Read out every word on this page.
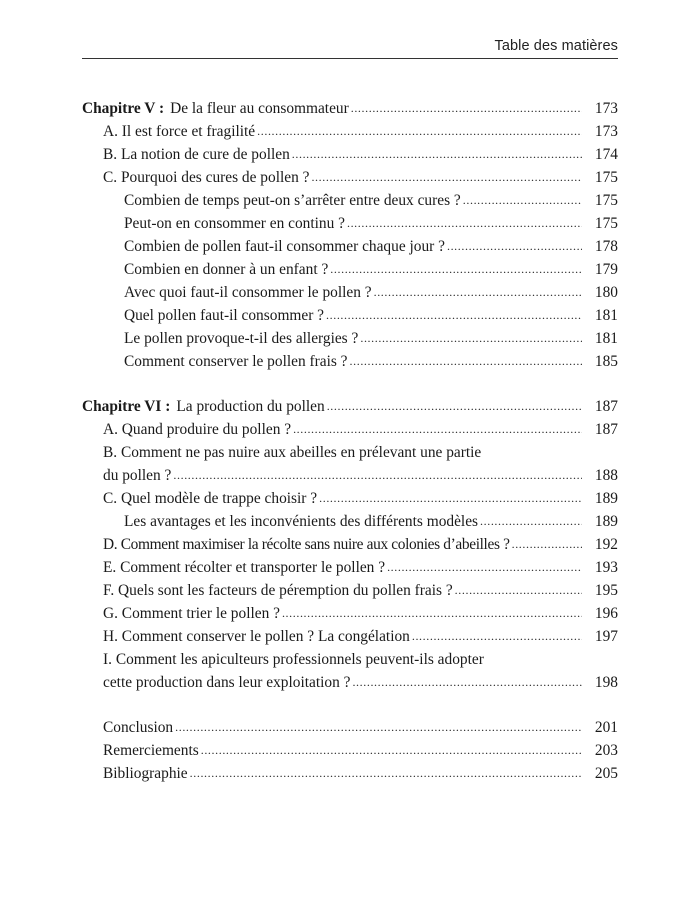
Table des matières
Chapitre V : De la fleur au consommateur .....	173
A. Il est force et fragilité .....	173
B. La notion de cure de pollen .....	174
C. Pourquoi des cures de pollen ? .....	175
Combien de temps peut-on s’arrêter entre deux cures ? .....	175
Peut-on en consommer en continu ? .....	175
Combien de pollen faut-il consommer chaque jour ? .....	178
Combien en donner à un enfant ? .....	179
Avec quoi faut-il consommer le pollen ? .....	180
Quel pollen faut-il consommer ? .....	181
Le pollen provoque-t-il des allergies ? .....	181
Comment conserver le pollen frais ? .....	185
Chapitre VI : La production du pollen .....	187
A. Quand produire du pollen ? .....	187
B. Comment ne pas nuire aux abeilles en prélevant une partie
du pollen ? .....	188
C. Quel modèle de trappe choisir ? .....	189
Les avantages et les inconvénients des différents modèles .....	189
D. Comment maximiser la récolte sans nuire aux colonies d’abeilles ? .....	192
E. Comment récolter et transporter le pollen ? .....	193
F. Quels sont les facteurs de péremption du pollen frais ? .....	195
G. Comment trier le pollen ? .....	196
H. Comment conserver le pollen ? La congélation .....	197
I. Comment les apiculteurs professionnels peuvent-ils adopter
cette production dans leur exploitation ? .....	198
Conclusion .....	201
Remerciements .....	203
Bibliographie .....	205
